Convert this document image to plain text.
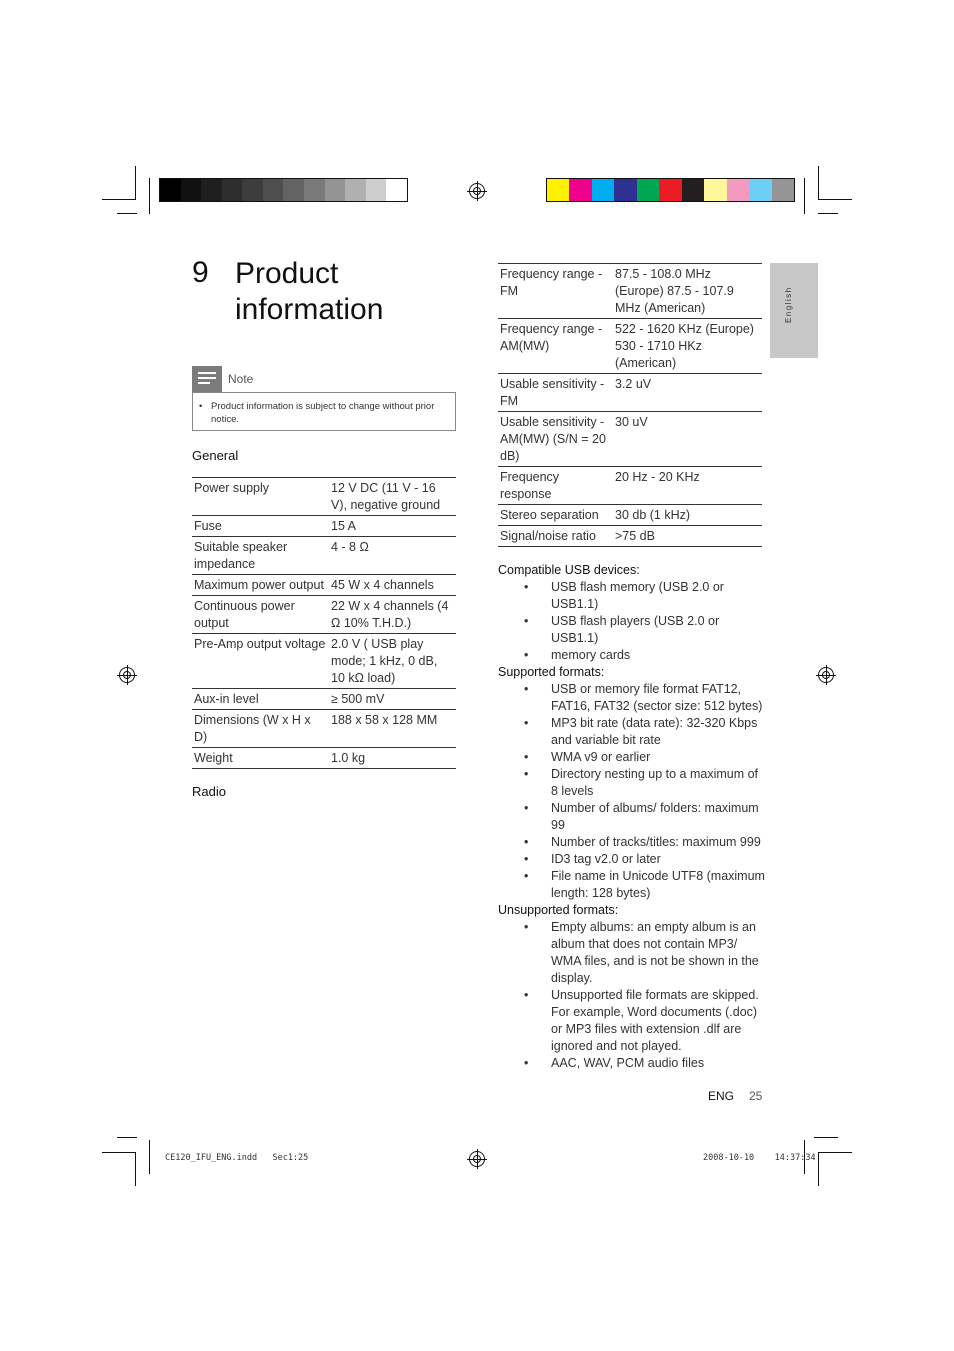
9 Product information
Note
• Product information is subject to change without prior notice.
General
Power supply	12 V DC (11 V - 16 V), negative ground
Fuse	15 A
Suitable speaker impedance	4 - 8 Ω
Maximum power output	45 W x 4 channels
Continuous power output	22 W x 4 channels (4 Ω 10% T.H.D.)
Pre-Amp output voltage	2.0 V ( USB play mode; 1 kHz, 0 dB, 10 kΩ load)
Aux-in level	≥ 500 mV
Dimensions (W x H x D)	188 x 58 x 128 MM
Weight	1.0 kg
Radio
Frequency range - FM	87.5 - 108.0 MHz (Europe) 87.5 - 107.9 MHz (American)
Frequency range - AM(MW)	522 - 1620 KHz (Europe) 530 - 1710 HKz (American)
Usable sensitivity - FM	3.2 uV
Usable sensitivity - AM(MW) (S/N = 20 dB)	30 uV
Frequency response	20 Hz - 20 KHz
Stereo separation	30 db (1 kHz)
Signal/noise ratio	>75 dB
English
Compatible USB devices:
• USB flash memory (USB 2.0 or USB1.1)
• USB flash players (USB 2.0 or USB1.1)
• memory cards
Supported formats:
• USB or memory file format FAT12, FAT16, FAT32 (sector size: 512 bytes)
• MP3 bit rate (data rate): 32-320 Kbps and variable bit rate
• WMA v9 or earlier
• Directory nesting up to a maximum of 8 levels
• Number of albums/ folders: maximum 99
• Number of tracks/titles: maximum 999
• ID3 tag v2.0 or later
• File name in Unicode UTF8 (maximum length: 128 bytes)
Unsupported formats:
• Empty albums: an empty album is an album that does not contain MP3/ WMA files, and is not be shown in the display.
• Unsupported file formats are skipped. For example, Word documents (.doc) or MP3 files with extension .dlf are ignored and not played.
• AAC, WAV, PCM audio files
ENG 25
CE120_IFU_ENG.indd   Sec1:25	2008-10-10    14:37:34
